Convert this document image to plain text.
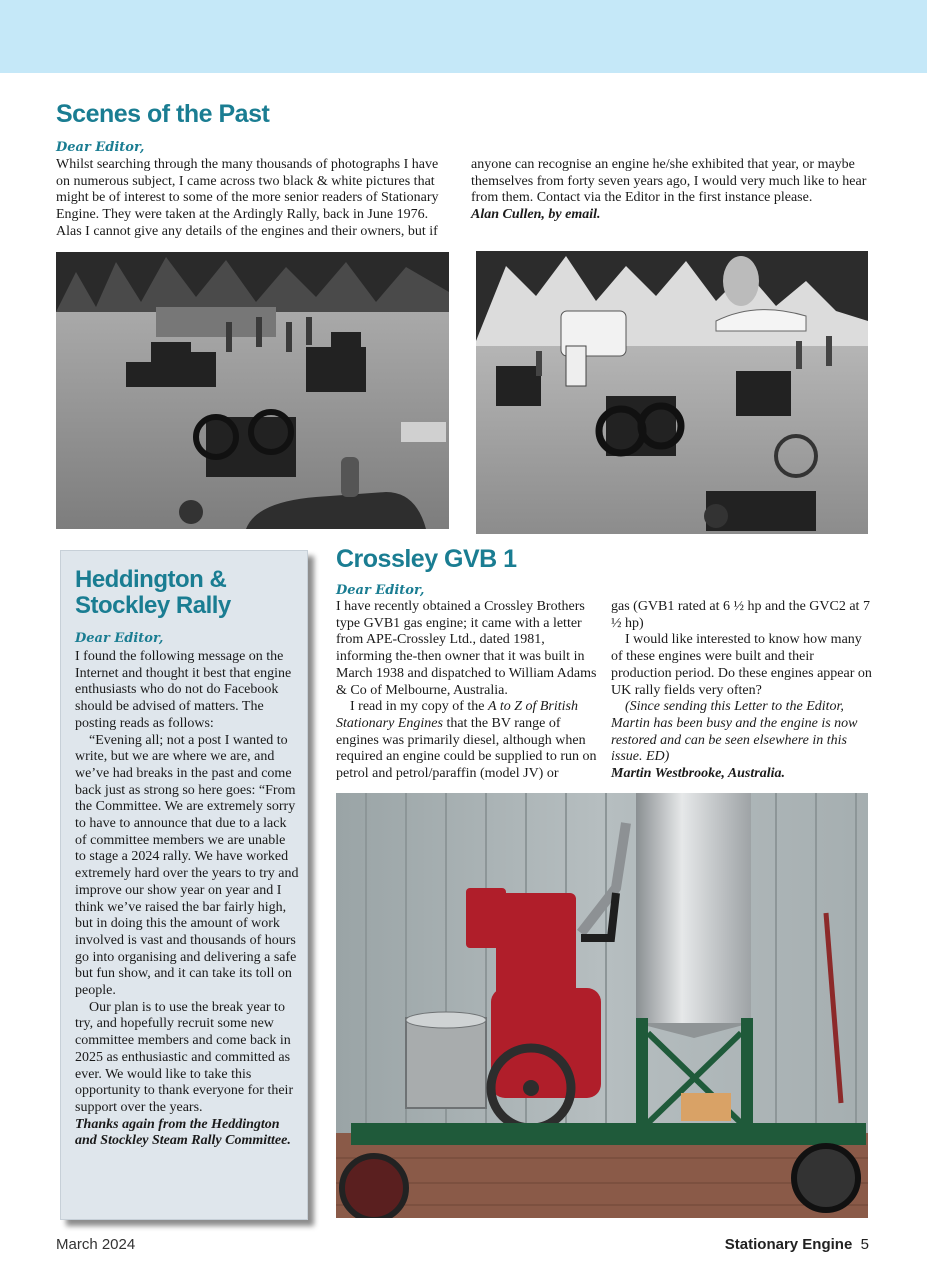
Scenes of the Past
Dear Editor,

Whilst searching through the many thousands of photographs I have on numerous subject, I came across two black & white pictures that might be of interest to some of the more senior readers of Stationary Engine. They were taken at the Ardingly Rally, back in June 1976. Alas I cannot give any details of the engines and their owners, but if

anyone can recognise an engine he/she exhibited that year, or maybe themselves from forty seven years ago, I would very much like to hear from them. Contact via the Editor in the first instance please.

Alan Cullen, by email.

Heddington &
Stockley Rally
Dear Editor,

I found the following message on the Internet and thought it best that engine enthusiasts who do not do Facebook should be advised of matters. The posting reads as follows:

“Evening all; not a post I wanted to write, but we are where we are, and we’ve had breaks in the past and come back just as strong so here goes: “From the Committee. We are extremely sorry to have to announce that due to a lack of committee members we are unable to stage a 2024 rally. We have worked extremely hard over the years to try and improve our show year on year and I think we’ve raised the bar fairly high, but in doing this the amount of work involved is vast and thousands of hours go into organising and delivering a safe but fun show, and it can take its toll on people.

Our plan is to use the break year to try, and hopefully recruit some new committee members and come back in 2025 as enthusiastic and committed as ever. We would like to take this opportunity to thank everyone for their support over the years.

Thanks again from the Heddington and Stockley Steam Rally Committee.

Crossley GVB 1
Dear Editor,

I have recently obtained a Crossley Brothers type GVB1 gas engine; it came with a letter from APE-Crossley Ltd., dated 1981, informing the-then owner that it was built in March 1938 and dispatched to William Adams & Co of Melbourne, Australia.

I read in my copy of the A to Z of British Stationary Engines that the BV range of engines was primarily diesel, although when required an engine could be supplied to run on petrol and petrol/paraffin (model JV) or

gas (GVB1 rated at 6 ½ hp and the GVC2 at 7 ½ hp)

I would like interested to know how many of these engines were built and their production period. Do these engines appear on UK rally fields very often?

(Since sending this Letter to the Editor, Martin has been busy and the engine is now restored and can be seen elsewhere in this issue. ED)

Martin Westbrooke, Australia.

March 2024	Stationary Engine 5
